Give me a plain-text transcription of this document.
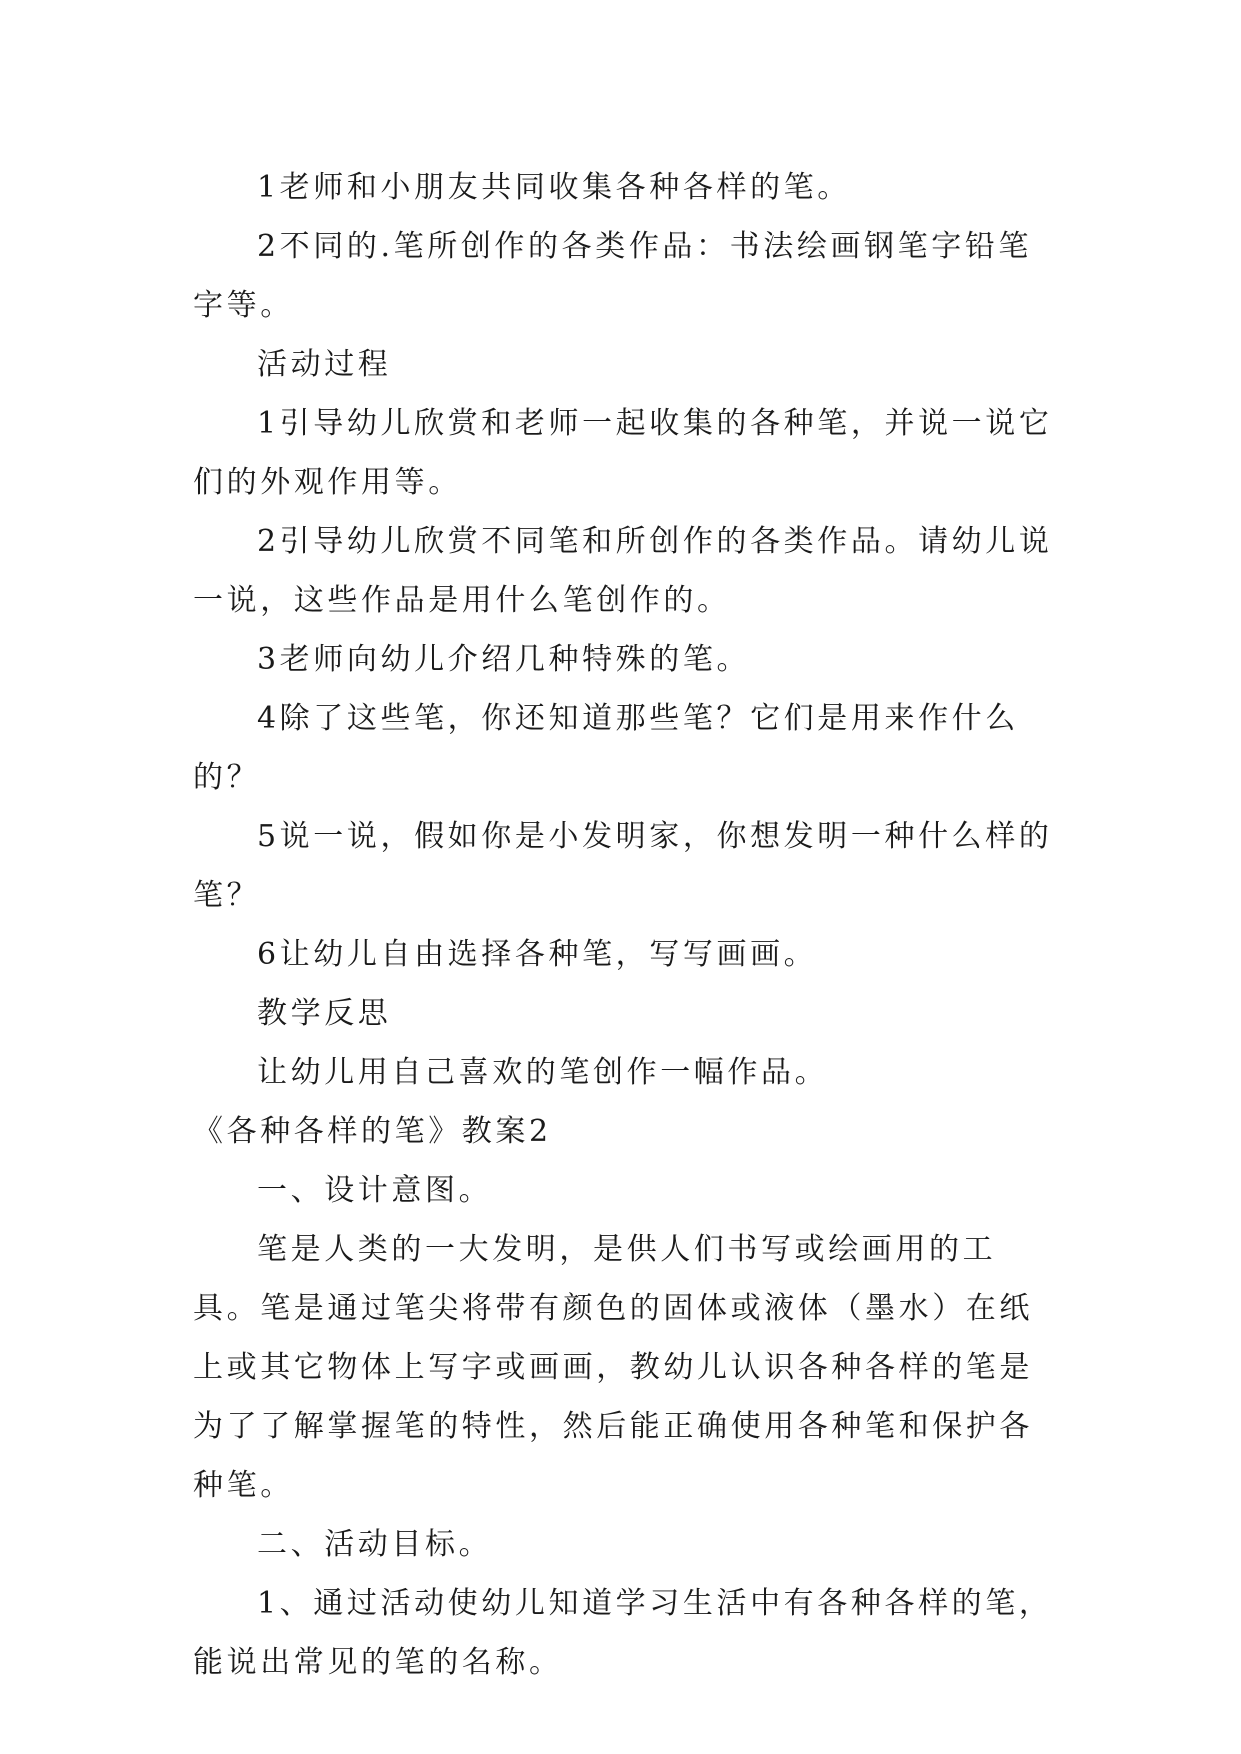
1老师和小朋友共同收集各种各样的笔。

2不同的.笔所创作的各类作品：书法绘画钢笔字铅笔字等。

活动过程

1引导幼儿欣赏和老师一起收集的各种笔，并说一说它们的外观作用等。

2引导幼儿欣赏不同笔和所创作的各类作品。请幼儿说一说，这些作品是用什么笔创作的。

3老师向幼儿介绍几种特殊的笔。

4除了这些笔，你还知道那些笔？它们是用来作什么的？

5说一说，假如你是小发明家，你想发明一种什么样的笔？

6让幼儿自由选择各种笔，写写画画。

教学反思

让幼儿用自己喜欢的笔创作一幅作品。

《各种各样的笔》教案2

一、设计意图。

笔是人类的一大发明，是供人们书写或绘画用的工具。笔是通过笔尖将带有颜色的固体或液体（墨水）在纸上或其它物体上写字或画画，教幼儿认识各种各样的笔是为了了解掌握笔的特性，然后能正确使用各种笔和保护各种笔。

二、活动目标。

1、通过活动使幼儿知道学习生活中有各种各样的笔，能说出常见的笔的名称。
